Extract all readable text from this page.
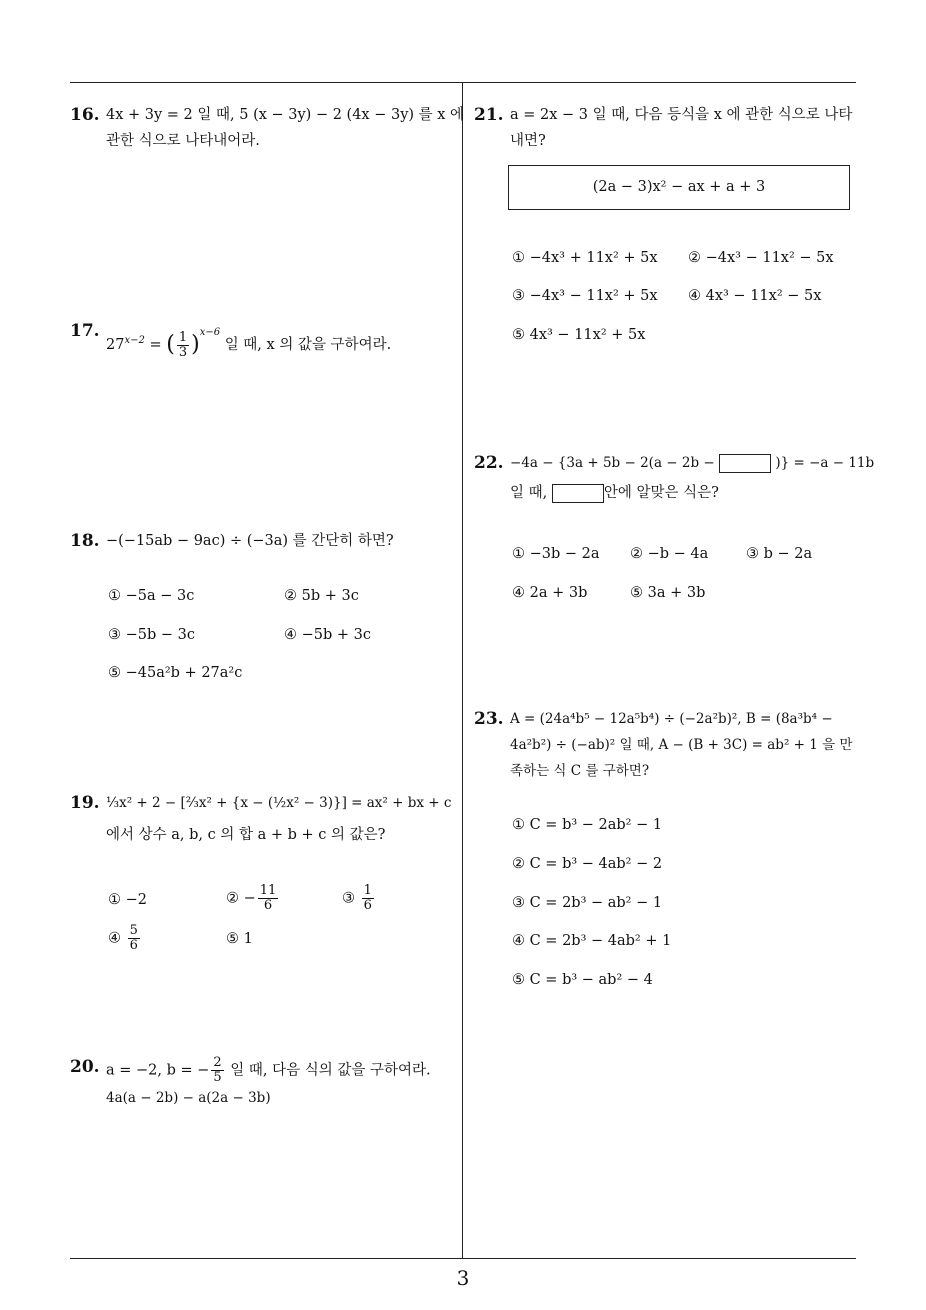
16. 4x + 3y = 2 일 때, 5 (x − 3y) − 2 (4x − 3y) 를 x 에
관한 식으로 나타내어라.
17.
$27^{x-2}$ = ( $\frac{1}{3} )^{x-6}$ 일 때, x 의 값을 구하여라.
18. −(−15ab − 9ac) ÷ (−3a) 를 간단히 하면?
① −5a − 3c	② 5b + 3c
③ −5b − 3c	④ −5b + 3c
⑤ −45a²b + 27a²c
19. ⅓x² + 2 − [⅔x² + {x − (½x² − 3)}] = ax² + bx + c
에서 상수 a, b, c 의 합 a + b + c 의 값은?
① −2	② − $\frac{11}{6}$	③ $\frac{1}{6}$
④ $\frac{5}{6}$	⑤ 1
20. a = −2, b = − $\frac{2}{5}$ 일 때, 다음 식의 값을 구하여라.
4a(a − 2b) − a(2a − 3b)
21. a = 2x − 3 일 때, 다음 등식을 x 에 관한 식으로 나타
내면?
(2a − 3)x² − ax + a + 3
① −4x³ + 11x² + 5x ② −4x³ − 11x² − 5x
③ −4x³ − 11x² + 5x ④ 4x³ − 11x² − 5x
⑤ 4x³ − 11x² + 5x
22. −4a − {3a + 5b − 2(a − 2b −	)} = −a − 11b
일 때,	안에 알맞은 식은?
① −3b − 2a ② −b − 4a	③ b − 2a
④ 2a + 3b	⑤ 3a + 3b
23. A = (24a⁴b⁵ − 12a⁵b⁴) ÷ (−2a²b)², B = (8a³b⁴ −
4a²b²) ÷ (−ab)² 일 때, A − (B + 3C) = ab² + 1 을 만
족하는 식 C 를 구하면?
① C = b³ − 2ab² − 1
② C = b³ − 4ab² − 2
③ C = 2b³ − ab² − 1
④ C = 2b³ − 4ab² + 1
⑤ C = b³ − ab² − 4
3
